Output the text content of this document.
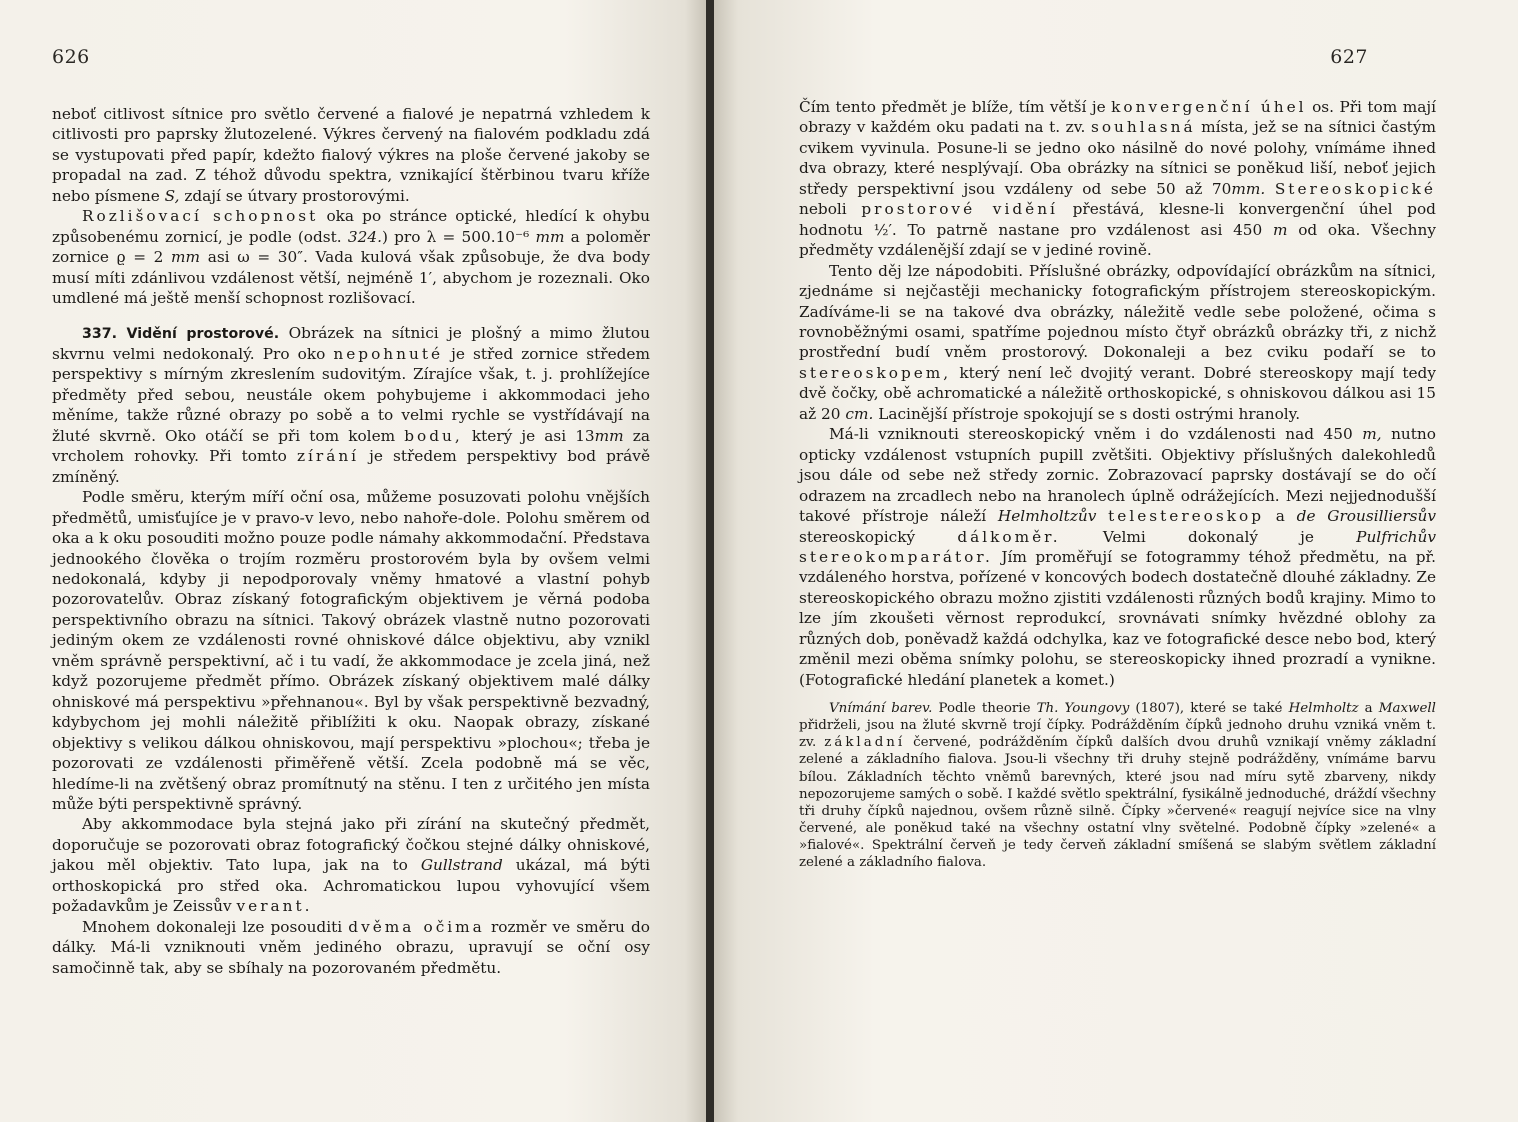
626

neboť citlivost sítnice pro světlo červené a fialové je nepatrná vzhledem k citlivosti pro paprsky žlutozelené. Výkres červený na fialovém podkladu zdá se vystupovati před papír, kdežto fialový výkres na ploše červené jakoby se propadal na zad. Z téhož důvodu spektra, vznikající štěrbinou tvaru kříže nebo písmene S, zdají se útvary prostorovými.

Rozlišovací schopnost oka po stránce optické, hledící k ohybu způsobenému zornicí, je podle (odst. 324.) pro λ = 500.10⁻⁶ mm a poloměr zornice ϱ = 2 mm asi ω = 30″. Vada kulová však způsobuje, že dva body musí míti zdánlivou vzdálenost větší, nejméně 1′, abychom je rozeznali. Oko umdlené má ještě menší schopnost rozlišovací.

337. Vidění prostorové. Obrázek na sítnici je plošný a mimo žlutou skvrnu velmi nedokonalý. Pro oko nepohnuté je střed zornice středem perspektivy s mírným zkreslením sudovitým. Zírajíce však, t. j. prohlížejíce předměty před sebou, neustále okem pohybujeme i akkommodaci jeho měníme, takže různé obrazy po sobě a to velmi rychle se vystřídávají na žluté skvrně. Oko otáčí se při tom kolem bodu, který je asi 13mm za vrcholem rohovky. Při tomto zírání je středem perspektivy bod právě zmíněný.

Podle směru, kterým míří oční osa, můžeme posuzovati polohu vnějších předmětů, umisťujíce je v pravo-v levo, nebo nahoře-dole. Polohu směrem od oka a k oku posouditi možno pouze podle námahy akkommodační. Představa jednookého člověka o trojím rozměru prostorovém byla by ovšem velmi nedokonalá, kdyby ji nepodporovaly vněmy hmatové a vlastní pohyb pozorovatelův. Obraz získaný fotografickým objektivem je věrná podoba perspektivního obrazu na sítnici. Takový obrázek vlastně nutno pozorovati jediným okem ze vzdálenosti rovné ohniskové dálce objektivu, aby vznikl vněm správně perspektivní, ač i tu vadí, že akkommodace je zcela jiná, než když pozorujeme předmět přímo. Obrázek získaný objektivem malé dálky ohniskové má perspektivu »přehnanou«. Byl by však perspektivně bezvadný, kdybychom jej mohli náležitě přiblížiti k oku. Naopak obrazy, získané objektivy s velikou dálkou ohniskovou, mají perspektivu »plochou«; třeba je pozorovati ze vzdálenosti přiměřeně větší. Zcela podobně má se věc, hledíme-li na zvětšený obraz promítnutý na stěnu. I ten z určitého jen místa může býti perspektivně správný.

Aby akkommodace byla stejná jako při zírání na skutečný předmět, doporučuje se pozorovati obraz fotografický čočkou stejné dálky ohniskové, jakou měl objektiv. Tato lupa, jak na to Gullstrand ukázal, má býti orthoskopická pro střed oka. Achromatickou lupou vyhovující všem požadavkům je Zeissův verant.

Mnohem dokonaleji lze posouditi dvěma očima rozměr ve směru do dálky. Má-li vzniknouti vněm jediného obrazu, upravují se oční osy samočinně tak, aby se sbíhaly na pozorovaném předmětu.

627

Čím tento předmět je blíže, tím větší je konvergenční úhel os. Při tom mají obrazy v každém oku padati na t. zv. souhlasná místa, jež se na sítnici častým cvikem vyvinula. Posune-li se jedno oko násilně do nové polohy, vnímáme ihned dva obrazy, které nesplývají. Oba obrázky na sítnici se poněkud liší, neboť jejich středy perspektivní jsou vzdáleny od sebe 50 až 70mm. Stereoskopické neboli prostorové vidění přestává, klesne-li konvergenční úhel pod hodnotu ½′. To patrně nastane pro vzdálenost asi 450 m od oka. Všechny předměty vzdálenější zdají se v jediné rovině.

Tento děj lze nápodobiti. Příslušné obrázky, odpovídající obrázkům na sítnici, zjednáme si nejčastěji mechanicky fotografickým přístrojem stereoskopickým. Zadíváme-li se na takové dva obrázky, náležitě vedle sebe položené, očima s rovnoběžnými osami, spatříme pojednou místo čtyř obrázků obrázky tři, z nichž prostřední budí vněm prostorový. Dokonaleji a bez cviku podaří se to stereoskopem, který není leč dvojitý verant. Dobré stereoskopy mají tedy dvě čočky, obě achromatické a náležitě orthoskopické, s ohniskovou dálkou asi 15 až 20 cm. Lacinější přístroje spokojují se s dosti ostrými hranoly.

Má-li vzniknouti stereoskopický vněm i do vzdálenosti nad 450 m, nutno opticky vzdálenost vstupních pupill zvětšiti. Objektivy příslušných dalekohledů jsou dále od sebe než středy zornic. Zobrazovací paprsky dostávají se do očí odrazem na zrcadlech nebo na hranolech úplně odrážejících. Mezi nejjednodušší takové přístroje náleží Helmholtzův telestereoskop a de Grousilliersův stereoskopický	dálkoměr.	Velmi dokonalý je	Pulfrichův stereokomparátor. Jím proměřují se fotogrammy téhož předmětu, na př. vzdáleného horstva, pořízené v koncových bodech dostatečně dlouhé základny. Ze stereoskopického obrazu možno zjistiti vzdálenosti různých bodů krajiny. Mimo to lze jím zkoušeti věrnost reprodukcí, srovnávati snímky hvězdné oblohy za různých dob, poněvadž každá odchylka, kaz ve fotografické desce nebo bod, který změnil mezi oběma snímky polohu, se stereoskopicky ihned prozradí a vynikne. (Fotografické hledání planetek a komet.)

Vnímání barev. Podle theorie Th. Youngovy (1807), které se také Helmholtz a Maxwell přidrželi, jsou na žluté skvrně trojí čípky. Podrážděním čípků jednoho druhu vzniká vněm t. zv. základní červené, podrážděním čípků dalších dvou druhů vznikají vněmy základní zelené a základního fialova. Jsou-li všechny tři druhy stejně podrážděny, vnímáme barvu bílou. Základních těchto vněmů barevných, které jsou nad míru sytě zbarveny, nikdy nepozorujeme samých o sobě. I každé světlo spektrální, fysikálně jednoduché, dráždí všechny tři druhy čípků najednou, ovšem různě silně. Čípky »červené« reagují nejvíce sice na vlny červené, ale poněkud také na všechny ostatní vlny světelné. Podobně čípky »zelené« a »fialové«. Spektrální červeň je tedy červeň základní smíšená se slabým světlem základní zelené a základního fialova.
